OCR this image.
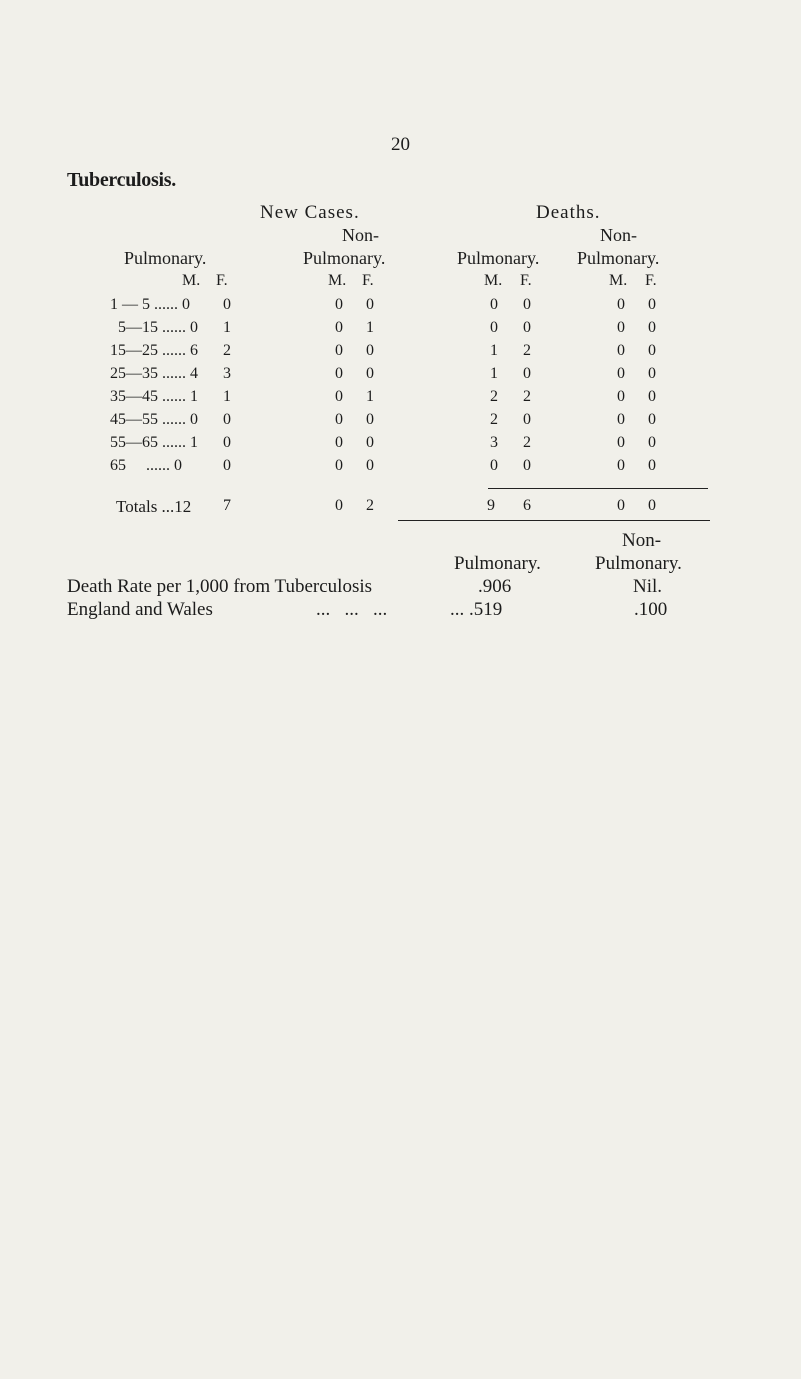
20
Tuberculosis.
New Cases.	Deaths.
Non-	Non-
Pulmonary.	Pulmonary.	Pulmonary. Pulmonary.
M. F.	M. F.	M. F.	M. F.
1 — 5 ...... 0	0	0	0	0	0	0	0
5—15 ...... 0	1	0	1	0	0	0	0
15—25 ...... 6	2	0	0	1	2	0	0
25—35 ...... 4	3	0	0	1	0	0	0
35—45 ...... 1	1	0	1	2	2	0	0
45—55 ...... 0	0	0	0	2	0	0	0
55—65 ...... 1	0	0	0	3	2	0	0
65     ...... 0	0	0	0	0	0	0	0
Totals ...12	7	0	2	9	6	0	0
Non-
Pulmonary.	Pulmonary.
Death Rate per 1,000 from Tuberculosis	.906	Nil.
England and Wales	...   ...   ...	... .519	.100
